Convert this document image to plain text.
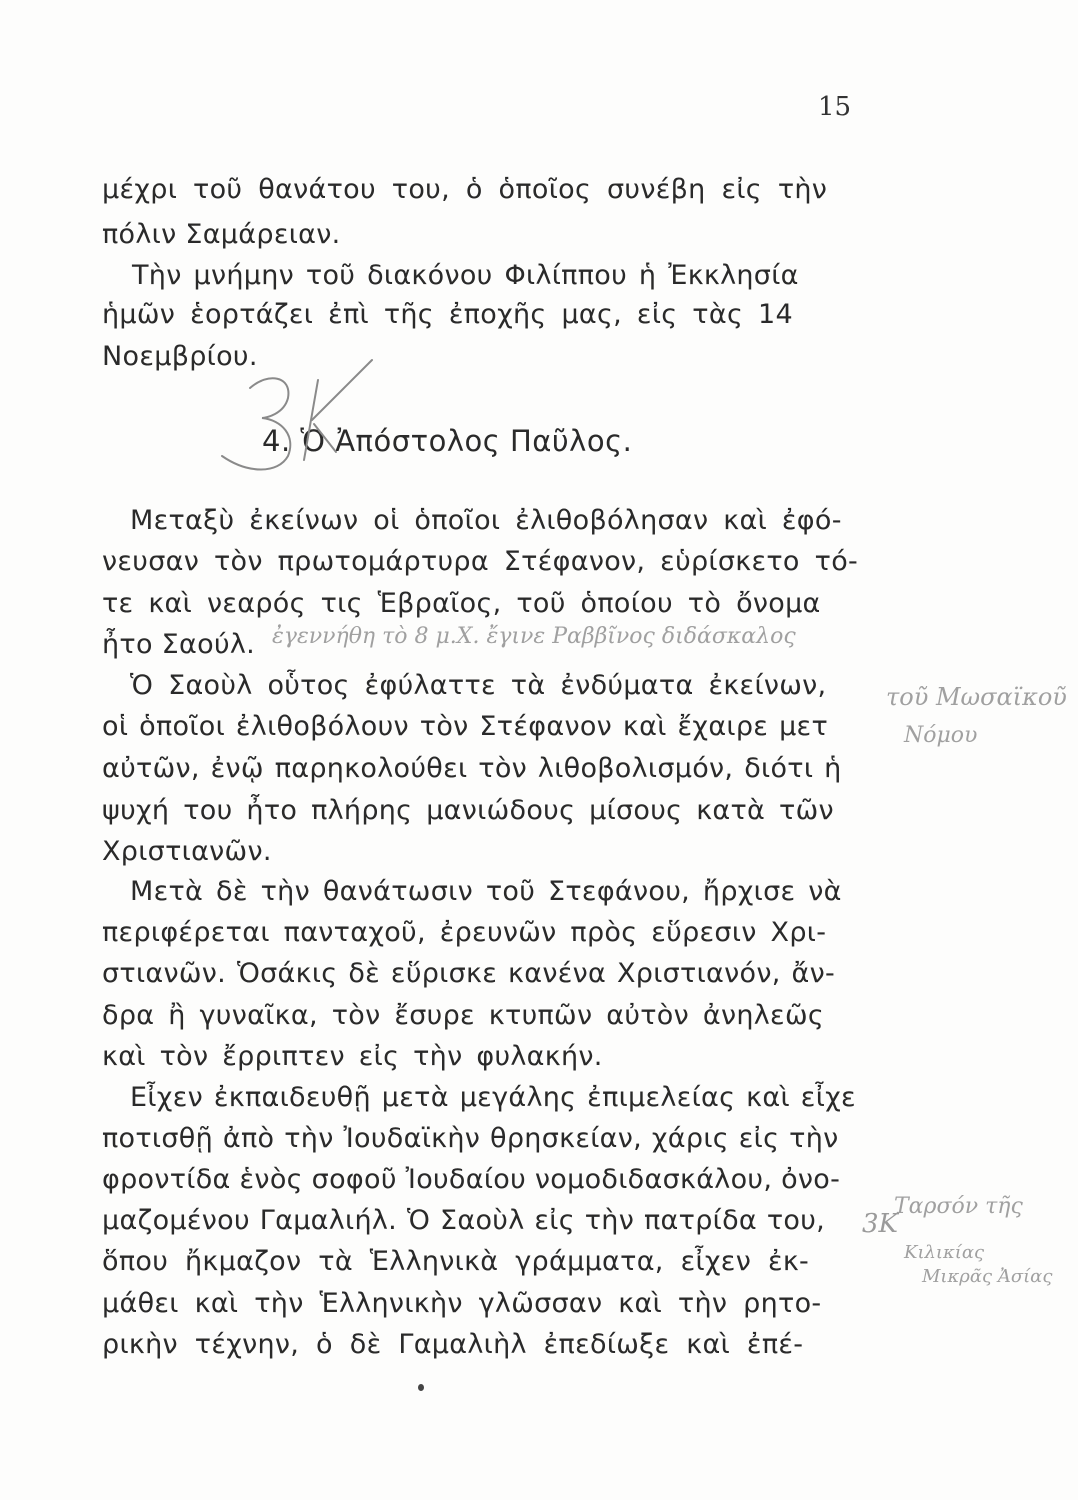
15
μέχρι τοῦ θανάτου του, ὁ ὁποῖος συνέβη εἰς τὴν
πόλιν Σαμάρειαν.
Τὴν μνήμην τοῦ διακόνου Φιλίππου ἡ Ἐκκλησία
ἡμῶν ἑορτάζει ἐπὶ τῆς ἐποχῆς μας, εἰς τὰς 14
Νοεμβρίου.
4. Ὁ Ἀπόστολος Παῦλος.
3K
Μεταξὺ ἐκείνων οἱ ὁποῖοι ἐλιθοβόλησαν καὶ ἐφό-
νευσαν τὸν πρωτομάρτυρα Στέφανον, εὑρίσκετο τό-
τε καὶ νεαρός τις Ἑβραῖος, τοῦ ὁποίου τὸ ὄνομα
ἦτο Σαούλ.
Ὁ Σαοὺλ οὗτος ἐφύλαττε τὰ ἐνδύματα ἐκείνων,
οἱ ὁποῖοι ἐλιθοβόλουν τὸν Στέφανον καὶ ἔχαιρε μετ
αὐτῶν, ἐνῷ παρηκολούθει τὸν λιθοβολισμόν, διότι ἡ
ψυχή του ἦτο πλήρης μανιώδους μίσους κατὰ τῶν
Χριστιανῶν.
Μετὰ δὲ τὴν θανάτωσιν τοῦ Στεφάνου, ἤρχισε νὰ
περιφέρεται πανταχοῦ, ἐρευνῶν πρὸς εὕρεσιν Χρι-
στιανῶν. Ὁσάκις δὲ εὕρισκε κανένα Χριστιανόν, ἄν-
δρα ἢ γυναῖκα, τὸν ἔσυρε κτυπῶν αὐτὸν ἀνηλεῶς
καὶ τὸν ἔρριπτεν εἰς τὴν φυλακήν.
Εἶχεν ἐκπαιδευθῇ μετὰ μεγάλης ἐπιμελείας καὶ εἶχε
ποτισθῇ ἀπὸ τὴν Ἰουδαϊκὴν θρησκείαν, χάρις εἰς τὴν
φροντίδα ἑνὸς σοφοῦ Ἰουδαίου νομοδιδασκάλου, ὀνο-
μαζομένου Γαμαλιήλ. Ὁ Σαοὺλ εἰς τὴν πατρίδα του,
ὅπου ἤκμαζον τὰ Ἑλληνικὰ γράμματα, εἶχεν ἐκ-
μάθει καὶ τὴν Ἑλληνικὴν γλῶσσαν καὶ τὴν ρητο-
ρικὴν τέχνην, ὁ δὲ Γαμαλιὴλ ἐπεδίωξε καὶ ἐπέ-
ἐγεννήθη τὸ 8 μ.Χ. ἔγινε Ραββῖνος διδάσκαλος
τοῦ Μωσαϊκοῦ
Νόμου
Ταρσόν τῆς
Κιλικίας
Μικρᾶς Ἀσίας
